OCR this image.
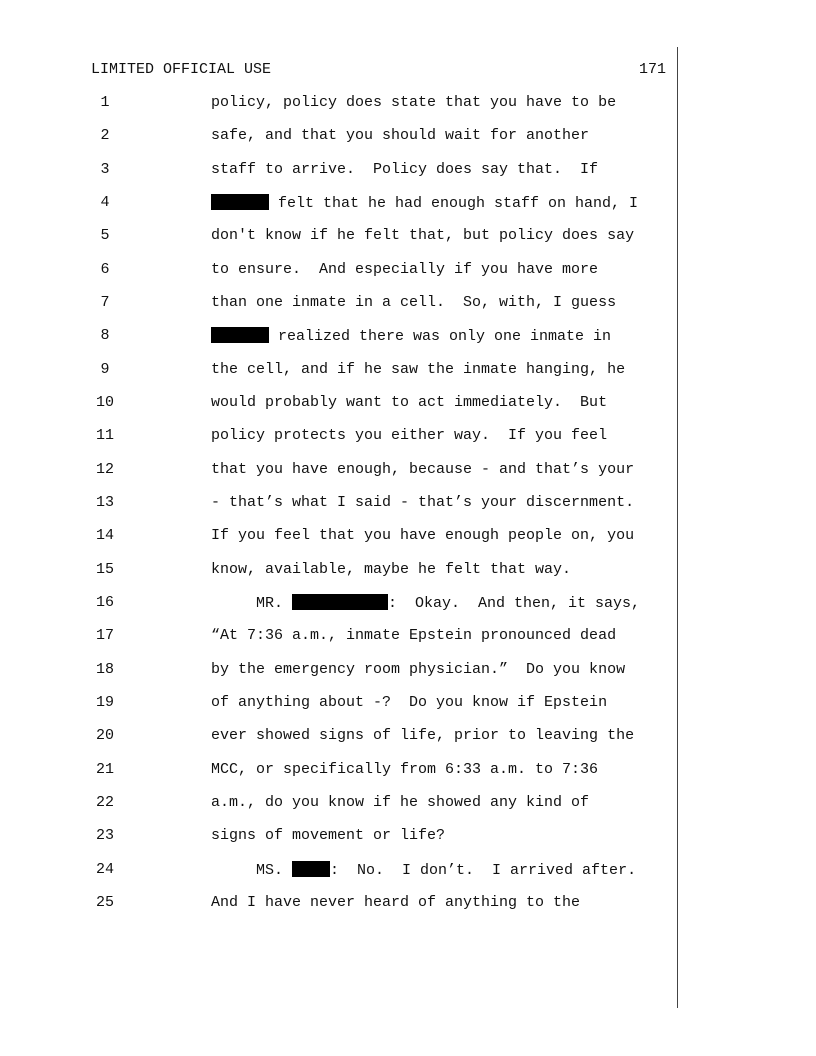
LIMITED OFFICIAL USE	171
1	policy, policy does state that you have to be
2	safe, and that you should wait for another
3	staff to arrive.  Policy does say that.  If
4	felt that he had enough staff on hand, I
5	don't know if he felt that, but policy does say
6	to ensure.  And especially if you have more
7	than one inmate in a cell.  So, with, I guess
8	realized there was only one inmate in
9	the cell, and if he saw the inmate hanging, he
10	would probably want to act immediately.  But
11	policy protects you either way.  If you feel
12	that you have enough, because - and that’s your
13	- that’s what I said - that’s your discernment.
14	If you feel that you have enough people on, you
15	know, available, maybe he felt that way.
16	MR.	:  Okay.  And then, it says,
17	“At 7:36 a.m., inmate Epstein pronounced dead
18	by the emergency room physician.”  Do you know
19	of anything about -?  Do you know if Epstein
20	ever showed signs of life, prior to leaving the
21	MCC, or specifically from 6:33 a.m. to 7:36
22	a.m., do you know if he showed any kind of
23	signs of movement or life?
24	MS.	:  No.  I don’t.  I arrived after.
25	And I have never heard of anything to the
